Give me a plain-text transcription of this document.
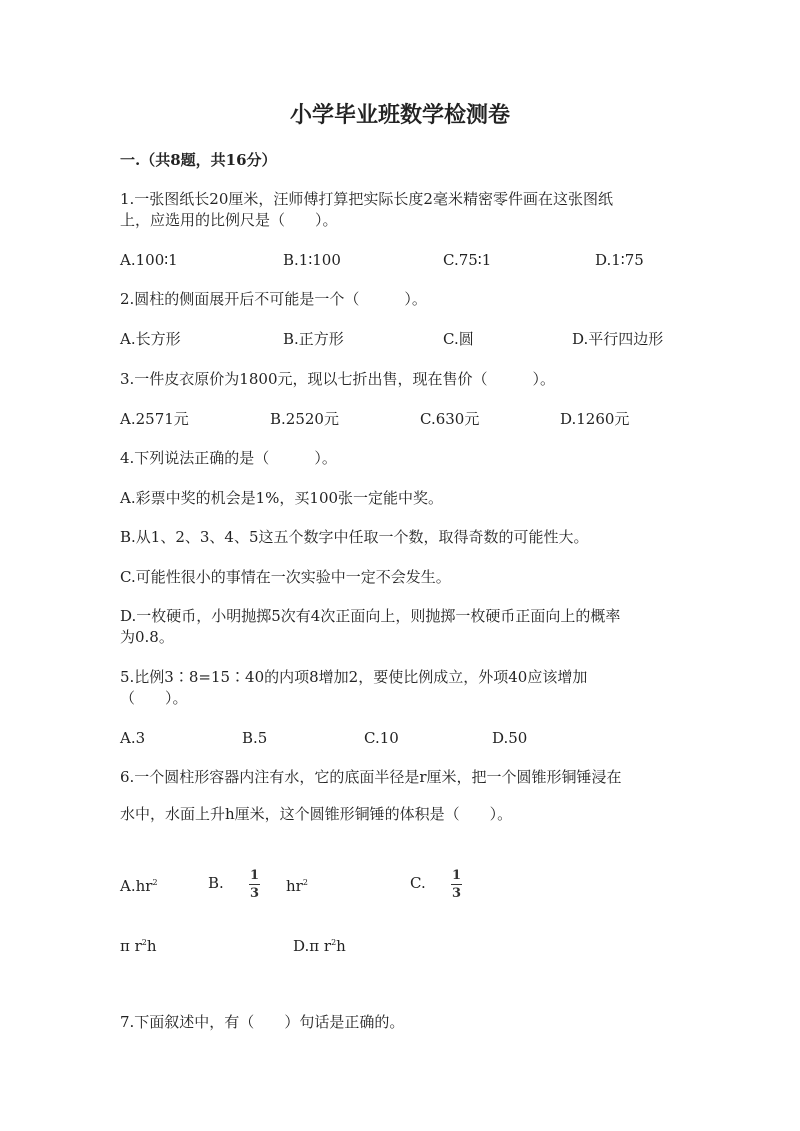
小学毕业班数学检测卷
一.（共8题，共16分）
1.一张图纸长20厘米，汪师傅打算把实际长度2毫米精密零件画在这张图纸
上，应选用的比例尺是（　　）。
A.100∶1	B.1∶100	C.75∶1	D.1∶75
2.圆柱的侧面展开后不可能是一个（　　　）。
A.长方形	B.正方形	C.圆	D.平行四边形
3.一件皮衣原价为1800元，现以七折出售，现在售价（　　　）。
A.2571元	B.2520元	C.630元	D.1260元
4.下列说法正确的是（　　　）。
A.彩票中奖的机会是1%，买100张一定能中奖。
B.从1、2、3、4、5这五个数字中任取一个数，取得奇数的可能性大。
C.可能性很小的事情在一次实验中一定不会发生。
D.一枚硬币，小明抛掷5次有4次正面向上，则抛掷一枚硬币正面向上的概率
为0.8。
5.比例3∶8=15∶40的内项8增加2，要使比例成立，外项40应该增加
（　　）。
A.3	B.5	C.10	D.50
6.一个圆柱形容器内注有水，它的底面半径是r厘米，把一个圆锥形铜锤浸在
水中，水面上升h厘米，这个圆锥形铜锤的体积是（　　）。
$A.hr^2$	B. 1
3 $hr^2$	C. 1
3
π $r^2h$	D.π $r^2h$
7.下面叙述中，有（　　）句话是正确的。
